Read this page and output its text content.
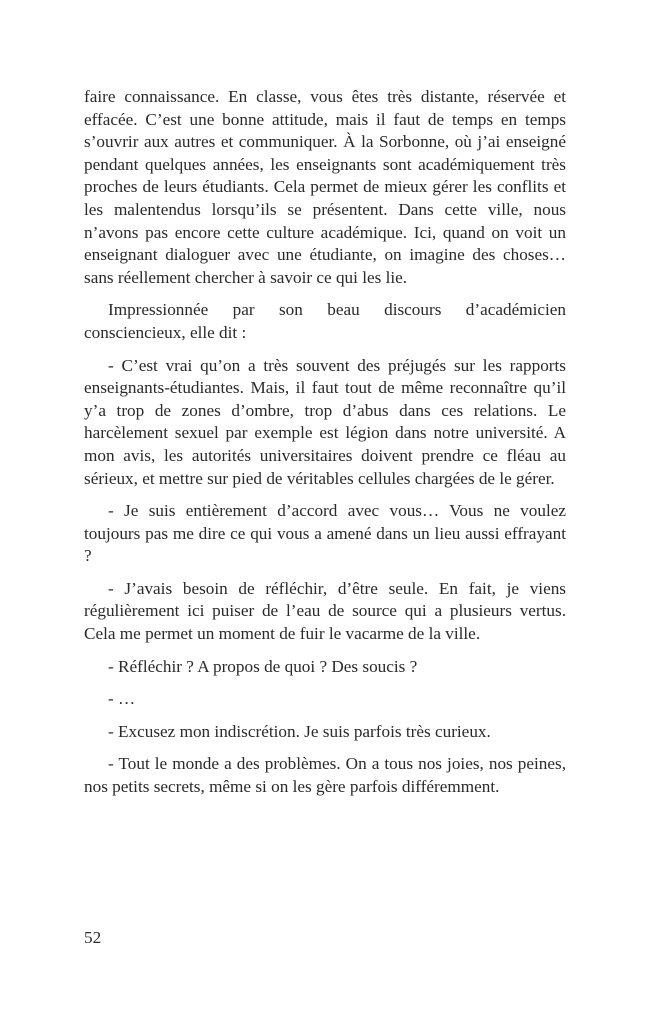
faire connaissance. En classe, vous êtes très distante, réservée et effacée. C’est une bonne attitude, mais il faut de temps en temps s’ouvrir aux autres et communiquer. À la Sorbonne, où j’ai enseigné pendant quelques années, les enseignants sont académiquement très proches de leurs étudiants. Cela permet de mieux gérer les conflits et les malentendus lorsqu’ils se présentent. Dans cette ville, nous n’avons pas encore cette culture académique. Ici, quand on voit un enseignant dialoguer avec une étudiante, on imagine des choses… sans réellement chercher à savoir ce qui les lie.

Impressionnée par son beau discours d’académicien consciencieux, elle dit :

- C’est vrai qu’on a très souvent des préjugés sur les rapports enseignants-étudiantes. Mais, il faut tout de même reconnaître qu’il y’a trop de zones d’ombre, trop d’abus dans ces relations. Le harcèlement sexuel par exemple est légion dans notre université. A mon avis, les autorités universitaires doivent prendre ce fléau au sérieux, et mettre sur pied de véritables cellules chargées de le gérer.

- Je suis entièrement d’accord avec vous… Vous ne voulez toujours pas me dire ce qui vous a amené dans un lieu aussi effrayant ?

- J’avais besoin de réfléchir, d’être seule. En fait, je viens régulièrement ici puiser de l’eau de source qui a plusieurs vertus. Cela me permet un moment de fuir le vacarme de la ville.

- Réfléchir ? A propos de quoi ? Des soucis ?

- …

- Excusez mon indiscrétion. Je suis parfois très curieux.

- Tout le monde a des problèmes. On a tous nos joies, nos peines, nos petits secrets, même si on les gère parfois différemment.

52
